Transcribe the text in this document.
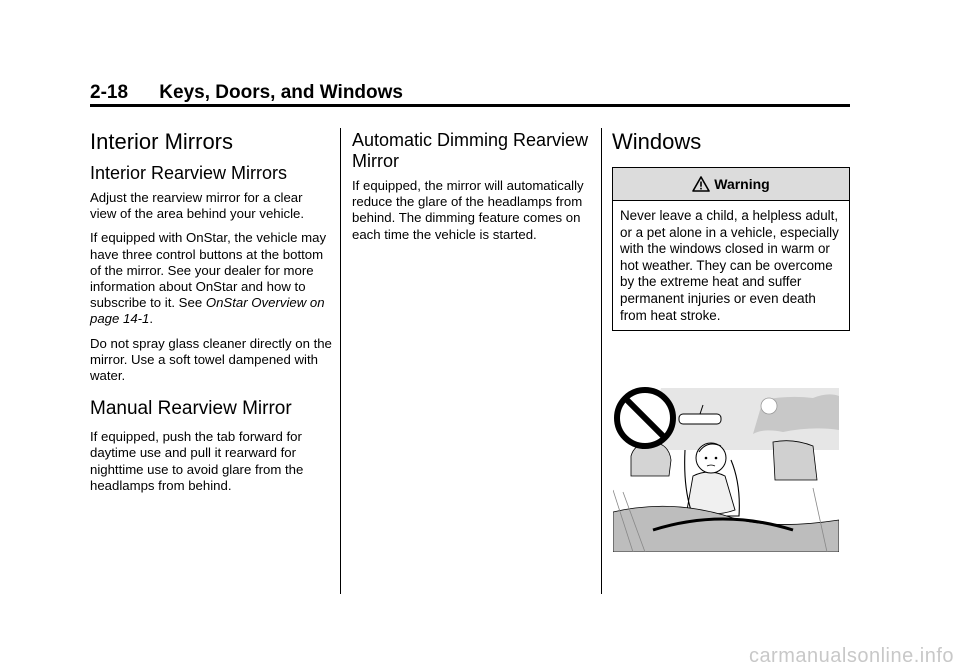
2-18 Keys, Doors, and Windows
Interior Mirrors
Interior Rearview Mirrors

Adjust the rearview mirror for a clear view of the area behind your vehicle.

If equipped with OnStar, the vehicle may have three control buttons at the bottom of the mirror. See your dealer for more information about OnStar and how to subscribe to it. See OnStar Overview on page 14-1.

Do not spray glass cleaner directly on the mirror. Use a soft towel dampened with water.

Manual Rearview Mirror

If equipped, push the tab forward for daytime use and pull it rearward for nighttime use to avoid glare from the headlamps from behind.

Automatic Dimming Rearview Mirror

If equipped, the mirror will automatically reduce the glare of the headlamps from behind. The dimming feature comes on each time the vehicle is started.

Windows
Warning
Never leave a child, a helpless adult, or a pet alone in a vehicle, especially with the windows closed in warm or hot weather. They can be overcome by the extreme heat and suffer permanent injuries or even death from heat stroke.
carmanualsonline.info
